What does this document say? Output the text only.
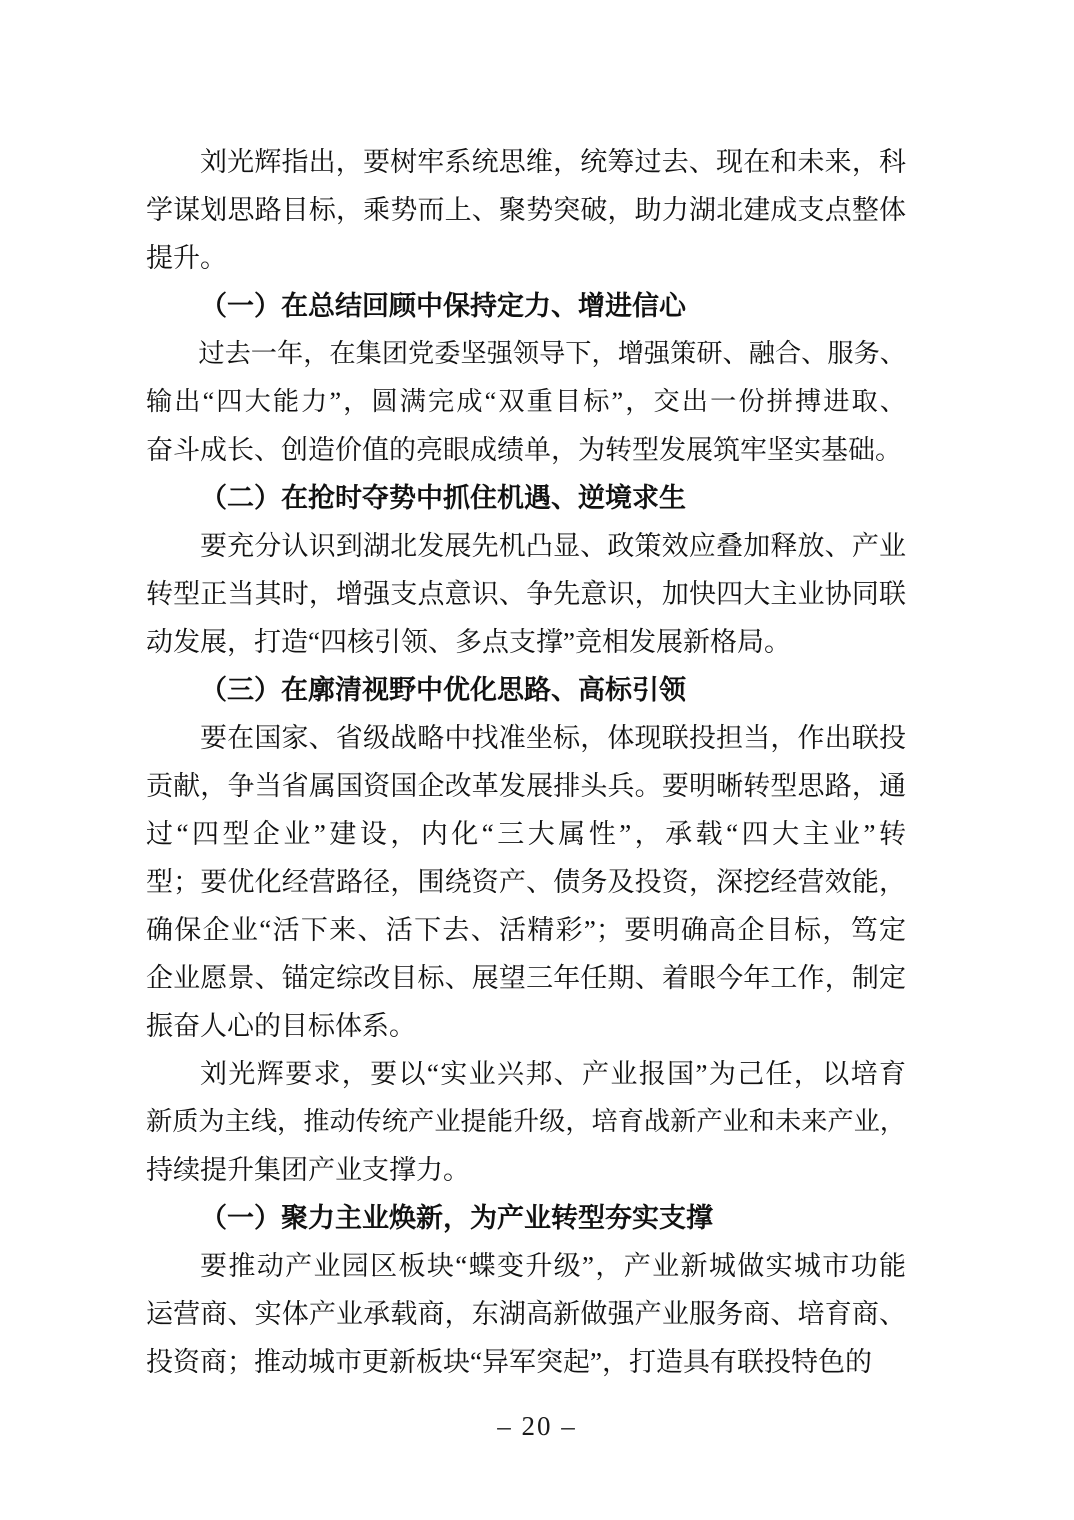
刘光辉指出，要树牢系统思维，统筹过去、现在和未来，科
学谋划思路目标，乘势而上、聚势突破，助力湖北建成支点整体
提升。
（一）在总结回顾中保持定力、增进信心
过去一年，在集团党委坚强领导下，增强策研、融合、服务、
输出“四大能力”，圆满完成“双重目标”，交出一份拼搏进取、
奋斗成长、创造价值的亮眼成绩单，为转型发展筑牢坚实基础。
（二）在抢时夺势中抓住机遇、逆境求生
要充分认识到湖北发展先机凸显、政策效应叠加释放、产业
转型正当其时，增强支点意识、争先意识，加快四大主业协同联
动发展，打造“四核引领、多点支撑”竞相发展新格局。
（三）在廓清视野中优化思路、高标引领
要在国家、省级战略中找准坐标，体现联投担当，作出联投
贡献，争当省属国资国企改革发展排头兵。要明晰转型思路，通
过“四型企业”建设，内化“三大属性”，承载“四大主业”转
型；要优化经营路径，围绕资产、债务及投资，深挖经营效能，
确保企业“活下来、活下去、活精彩”；要明确高企目标，笃定
企业愿景、锚定综改目标、展望三年任期、着眼今年工作，制定
振奋人心的目标体系。
刘光辉要求，要以“实业兴邦、产业报国”为己任，以培育
新质为主线，推动传统产业提能升级，培育战新产业和未来产业，
持续提升集团产业支撑力。
（一）聚力主业焕新，为产业转型夯实支撑
要推动产业园区板块“蝶变升级”，产业新城做实城市功能
运营商、实体产业承载商，东湖高新做强产业服务商、培育商、
投资商；推动城市更新板块“异军突起”，打造具有联投特色的
– 20 –
